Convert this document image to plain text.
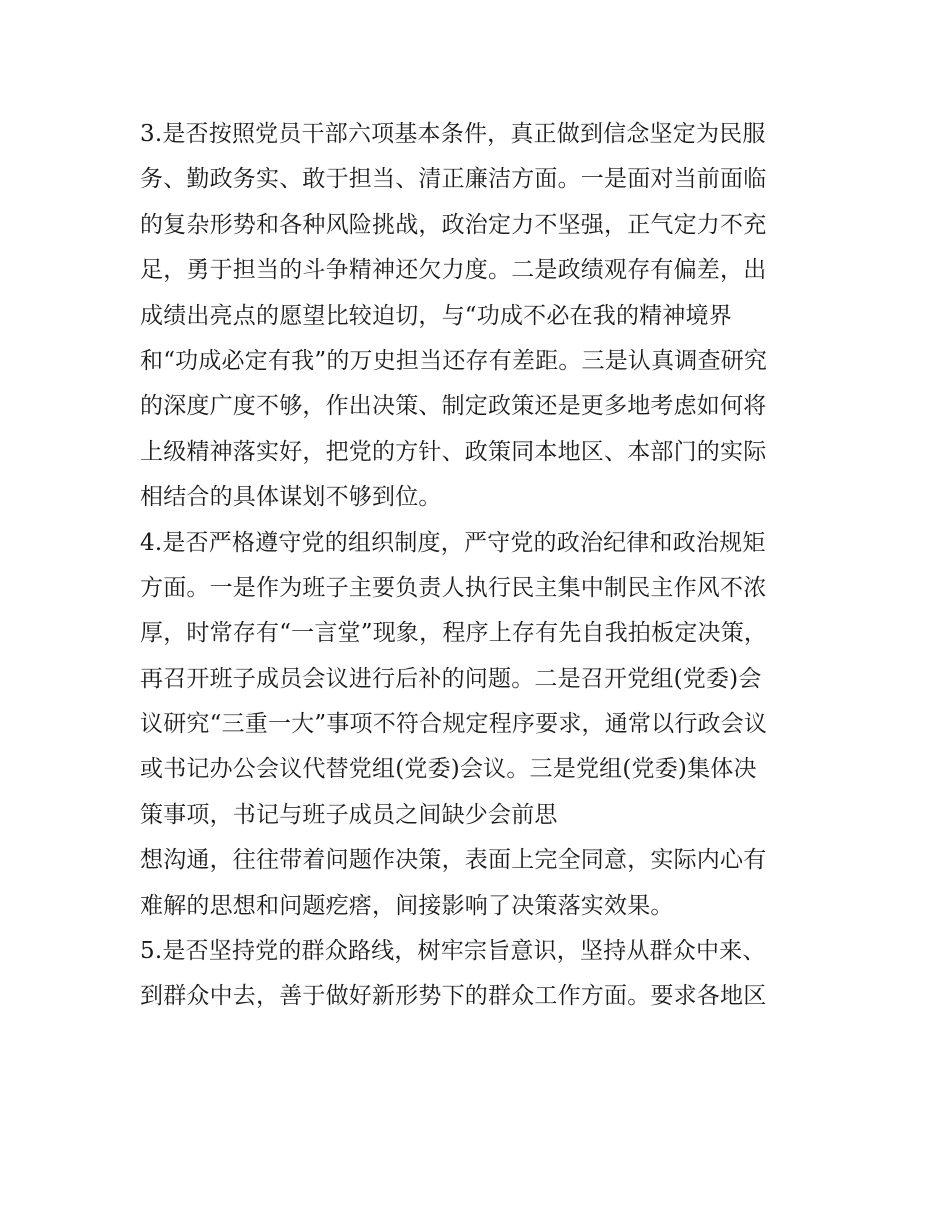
3.是否按照党员干部六项基本条件，真正做到信念坚定为民服
务、勤政务实、敢于担当、清正廉洁方面。一是面对当前面临
的复杂形势和各种风险挑战，政治定力不坚强，正气定力不充
足，勇于担当的斗争精神还欠力度。二是政绩观存有偏差，出
成绩出亮点的愿望比较迫切，与“功成不必在我的精神境界
和“功成必定有我”的万史担当还存有差距。三是认真调查研究
的深度广度不够，作出决策、制定政策还是更多地考虑如何将
上级精神落实好，把党的方针、政策同本地区、本部门的实际
相结合的具体谋划不够到位。
4.是否严格遵守党的组织制度，严守党的政治纪律和政治规矩
方面。一是作为班子主要负责人执行民主集中制民主作风不浓
厚，时常存有“一言堂”现象，程序上存有先自我拍板定决策，
再召开班子成员会议进行后补的问题。二是召开党组(党委)会
议研究“三重一大”事项不符合规定程序要求，通常以行政会议
或书记办公会议代替党组(党委)会议。三是党组(党委)集体决
策事项，书记与班子成员之间缺少会前思
想沟通，往往带着问题作决策，表面上完全同意，实际内心有
难解的思想和问题疙瘩，间接影响了决策落实效果。
5.是否坚持党的群众路线，树牢宗旨意识，坚持从群众中来、
到群众中去，善于做好新形势下的群众工作方面。要求各地区
